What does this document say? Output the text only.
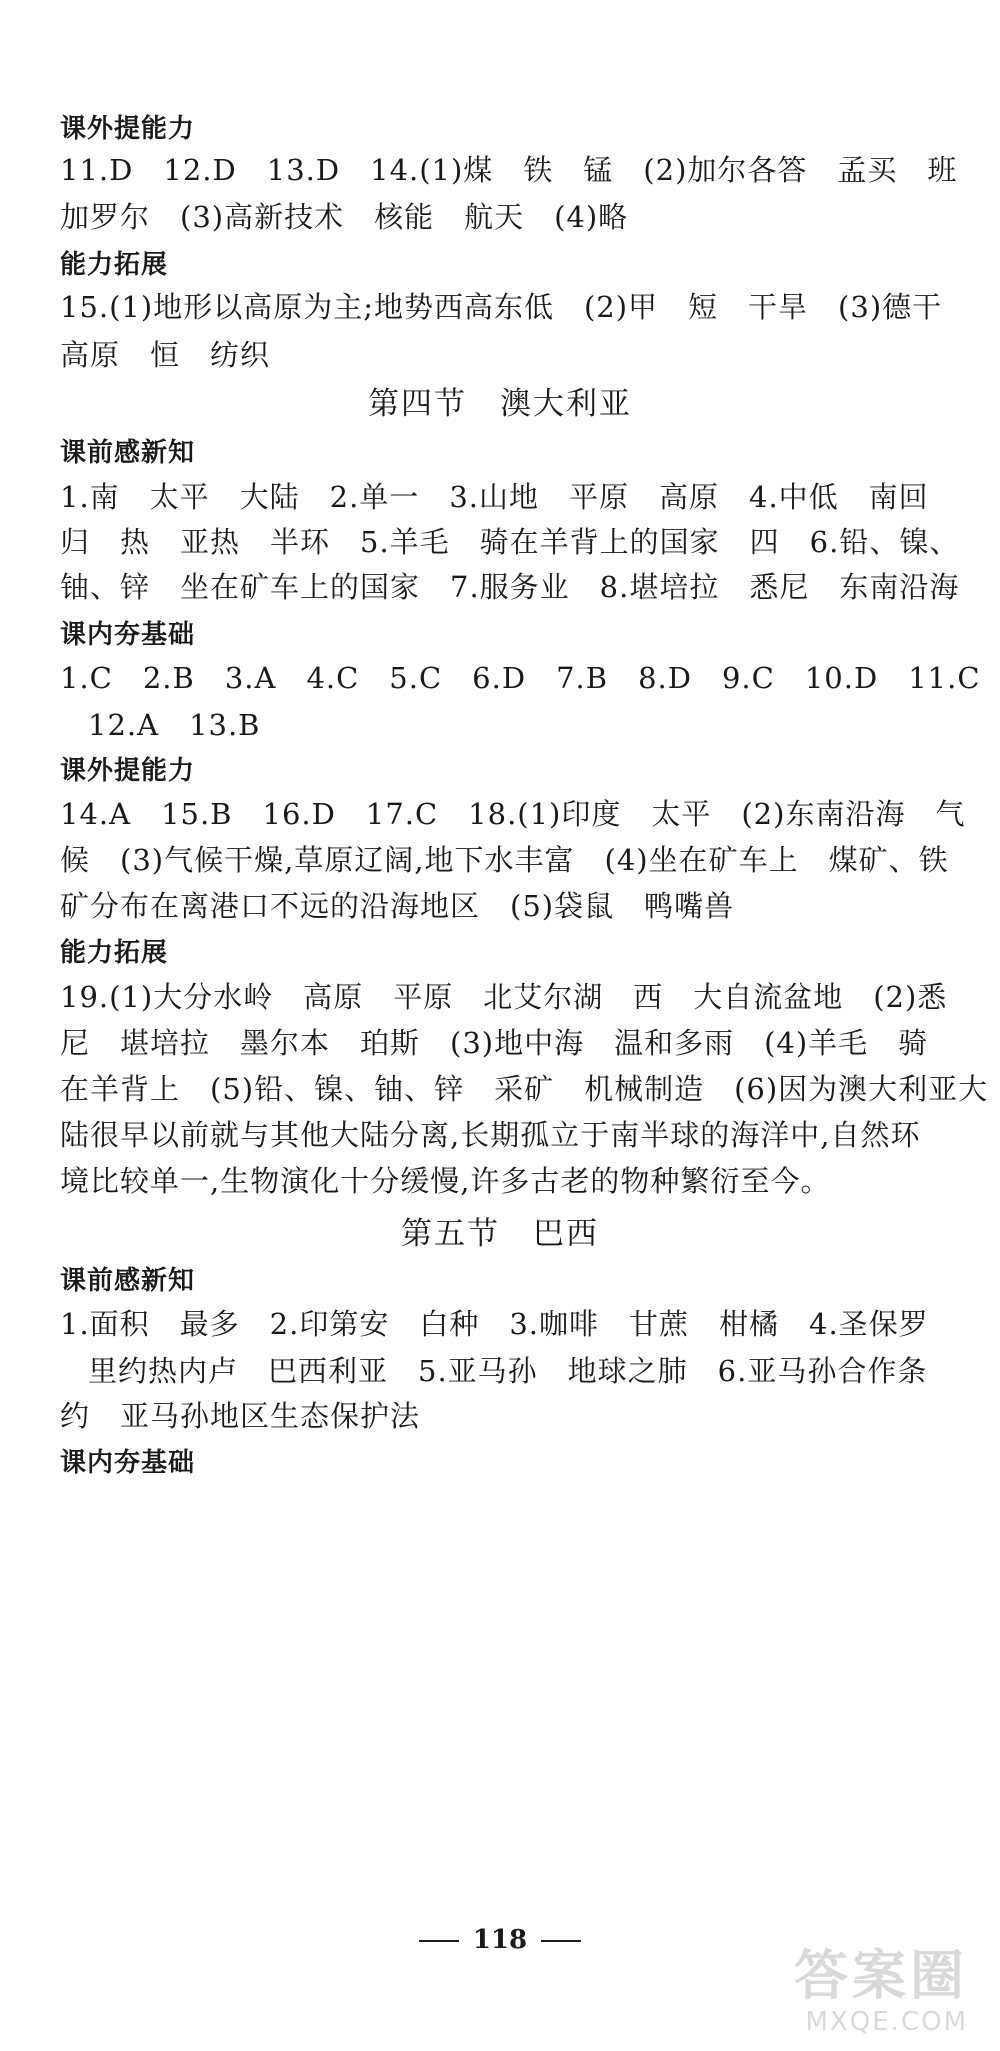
课外提能力
11.D　12.D　13.D　14.(1)煤　铁　锰　(2)加尔各答　孟买　班
加罗尔　(3)高新技术　核能　航天　(4)略
能力拓展
15.(1)地形以高原为主;地势西高东低　(2)甲　短　干旱　(3)德干
高原　恒　纺织
第四节　澳大利亚
课前感新知
1.南　太平　大陆　2.单一　3.山地　平原　高原　4.中低　南回
归　热　亚热　半环　5.羊毛　骑在羊背上的国家　四　6.铅、镍、
铀、锌　坐在矿车上的国家　7.服务业　8.堪培拉　悉尼　东南沿海
课内夯基础
1.C　2.B　3.A　4.C　5.C　6.D　7.B　8.D　9.C　10.D　11.C
12.A　13.B
课外提能力
14.A　15.B　16.D　17.C　18.(1)印度　太平　(2)东南沿海　气
候　(3)气候干燥,草原辽阔,地下水丰富　(4)坐在矿车上　煤矿、铁
矿分布在离港口不远的沿海地区　(5)袋鼠　鸭嘴兽
能力拓展
19.(1)大分水岭　高原　平原　北艾尔湖　西　大自流盆地　(2)悉
尼　堪培拉　墨尔本　珀斯　(3)地中海　温和多雨　(4)羊毛　骑
在羊背上　(5)铅、镍、铀、锌　采矿　机械制造　(6)因为澳大利亚大
陆很早以前就与其他大陆分离,长期孤立于南半球的海洋中,自然环
境比较单一,生物演化十分缓慢,许多古老的物种繁衍至今。
第五节　巴西
课前感新知
1.面积　最多　2.印第安　白种　3.咖啡　甘蔗　柑橘　4.圣保罗
里约热内卢　巴西利亚　5.亚马孙　地球之肺　6.亚马孙合作条
约　亚马孙地区生态保护法
课内夯基础
118
答案圈
MXQE.COM
